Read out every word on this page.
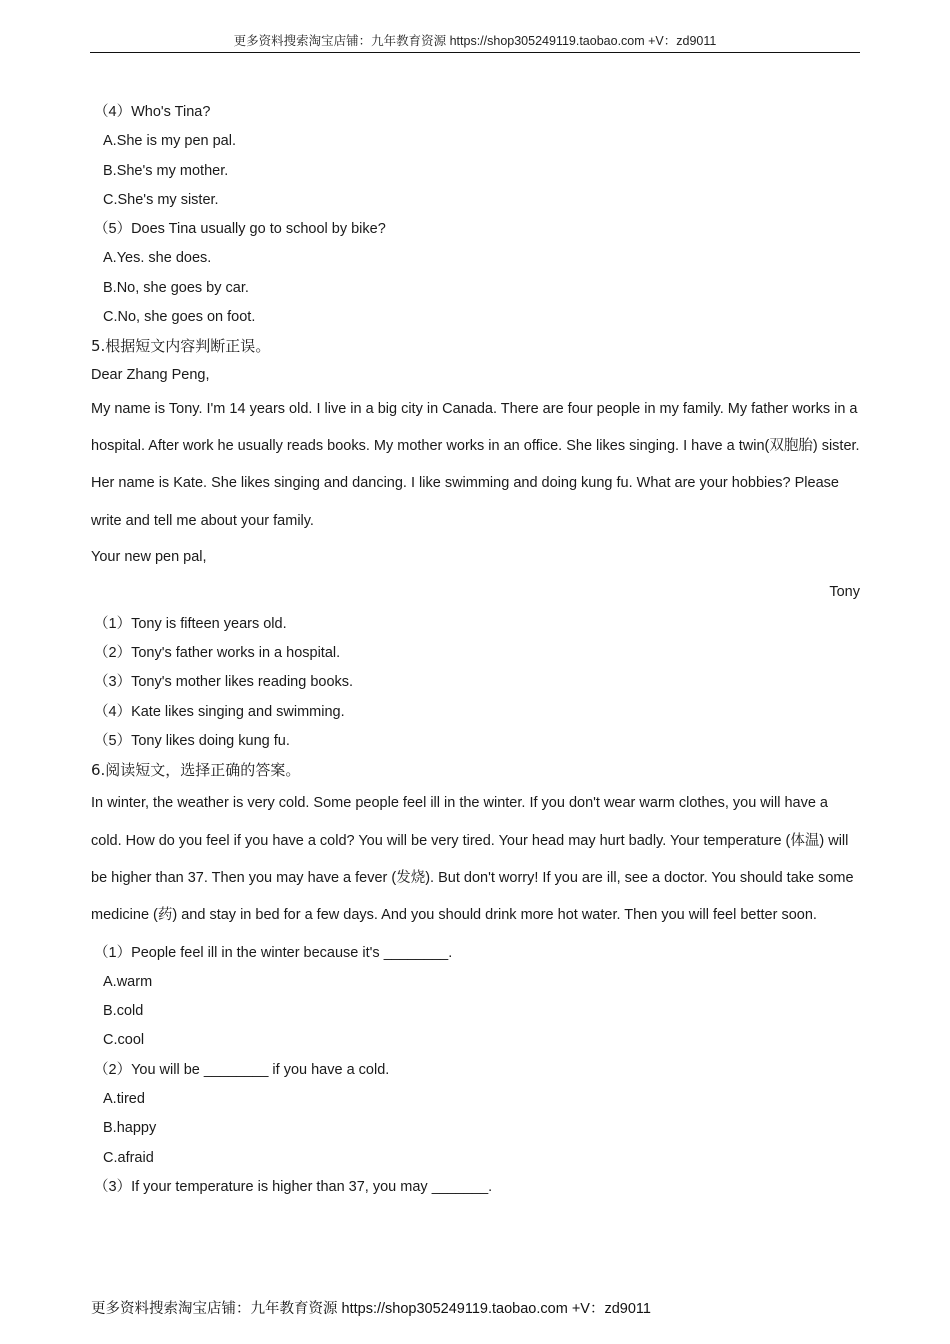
更多资料搜索淘宝店铺：九年教育资源 https://shop305249119.taobao.com +V：zd9011
（4）Who's Tina?
A.She is my pen pal.
B.She's my mother.
C.She's my sister.
（5）Does Tina usually go to school by bike?
A.Yes. she does.
B.No, she goes by car.
C.No, she goes on foot.
5.根据短文内容判断正误。
Dear Zhang Peng,

My name is Tony. I'm 14 years old. I live in a big city in Canada. There are four people in my family. My father works in a hospital. After work he usually reads books. My mother works in an office. She likes singing. I have a twin(双胞胎) sister. Her name is Kate. She likes singing and dancing. I like swimming and doing kung fu. What are your hobbies? Please write and tell me about your family.

Your new pen pal,
Tony
（1）Tony is fifteen years old.
（2）Tony's father works in a hospital.
（3）Tony's mother likes reading books.
（4）Kate likes singing and swimming.
（5）Tony likes doing kung fu.
6.阅读短文，选择正确的答案。

In winter, the weather is very cold. Some people feel ill in the winter. If you don't wear warm clothes, you will have a cold. How do you feel if you have a cold? You will be very tired. Your head may hurt badly. Your temperature (体温) will be higher than 37. Then you may have a fever (发烧). But don't worry! If you are ill, see a doctor. You should take some medicine (药) and stay in bed for a few days. And you should drink more hot water. Then you will feel better soon.

（1）People feel ill in the winter because it's ________.
A.warm
B.cold
C.cool
（2）You will be ________ if you have a cold.
A.tired
B.happy
C.afraid
（3）If your temperature is higher than 37, you may _______.
更多资料搜索淘宝店铺：九年教育资源 https://shop305249119.taobao.com +V：zd9011
